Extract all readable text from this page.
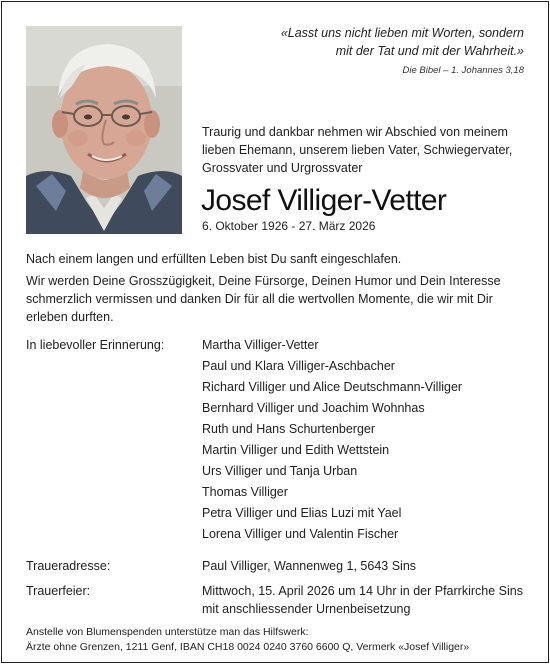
«Lasst uns nicht lieben mit Worten, sondern
mit der Tat und mit der Wahrheit.»
Die Bibel – 1. Johannes 3,18
Traurig und dankbar nehmen wir Abschied von meinem
lieben Ehemann, unserem lieben Vater, Schwiegervater,
Grossvater und Urgrossvater
Josef Villiger-Vetter
6. Oktober 1926 - 27. März 2026
Nach einem langen und erfüllten Leben bist Du sanft eingeschlafen.
Wir werden Deine Grosszügigkeit, Deine Fürsorge, Deinen Humor und Dein Interesse schmerzlich vermissen und danken Dir für all die wertvollen Momente, die wir mit Dir erleben durften.
In liebevoller Erinnerung:	Martha Villiger-Vetter
Paul und Klara Villiger-Aschbacher
Richard Villiger und Alice Deutschmann-Villiger
Bernhard Villiger und Joachim Wohnhas
Ruth und Hans Schurtenberger
Martin Villiger und Edith Wettstein
Urs Villiger und Tanja Urban
Thomas Villiger
Petra Villiger und Elias Luzi mit Yael
Lorena Villiger und Valentin Fischer
Traueradresse:	Paul Villiger, Wannenweg 1, 5643 Sins
Trauerfeier:	Mittwoch, 15. April 2026 um 14 Uhr in der Pfarrkirche Sins
mit anschliessender Urnenbeisetzung
Anstelle von Blumenspenden unterstütze man das Hilfswerk:
Ärzte ohne Grenzen, 1211 Genf, IBAN CH18 0024 0240 3760 6600 Q, Vermerk «Josef Villiger»
